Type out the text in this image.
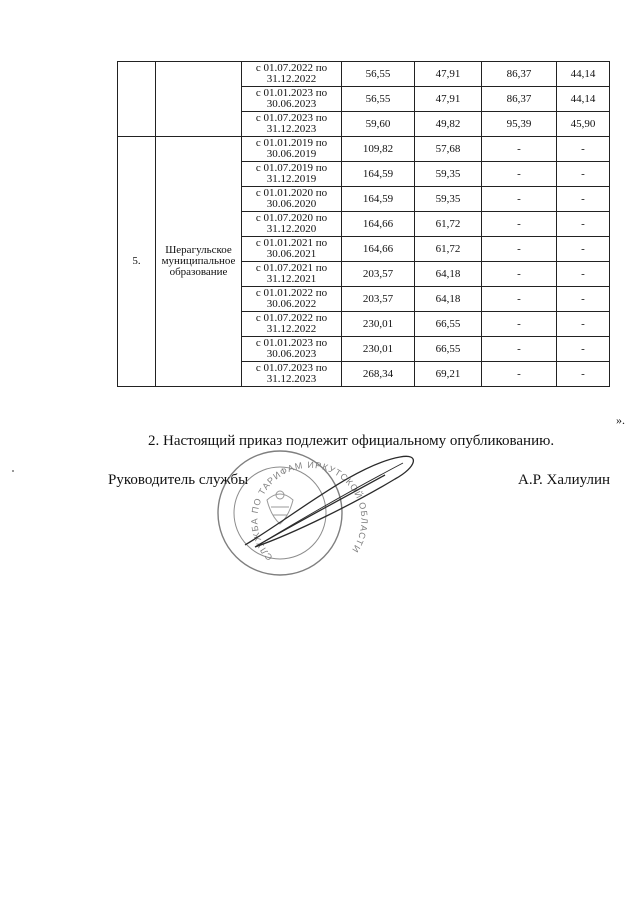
		с 01.07.2022 по 31.12.2022	56,55	47,91	86,37	44,14
		с 01.01.2023 по 30.06.2023	56,55	47,91	86,37	44,14
		с 01.07.2023 по 31.12.2023	59,60	49,82	95,39	45,90
5.	Шерагульское муниципальное образование	с 01.01.2019 по 30.06.2019	109,82	57,68	-	-
		с 01.07.2019 по 31.12.2019	164,59	59,35	-	-
		с 01.01.2020 по 30.06.2020	164,59	59,35	-	-
		с 01.07.2020 по 31.12.2020	164,66	61,72	-	-
		с 01.01.2021 по 30.06.2021	164,66	61,72	-	-
		с 01.07.2021 по 31.12.2021	203,57	64,18	-	-
		с 01.01.2022 по 30.06.2022	203,57	64,18	-	-
		с 01.07.2022 по 31.12.2022	230,01	66,55	-	-
		с 01.01.2023 по 30.06.2023	230,01	66,55	-	-
		с 01.07.2023 по 31.12.2023	268,34	69,21	-	-
».
2. Настоящий приказ подлежит официальному опубликованию.
Руководитель службы	А.Р. Халиулин
СЛУЖБА ПО ТАРИФАМ ИРКУТСКОЙ ОБЛАСТИ
